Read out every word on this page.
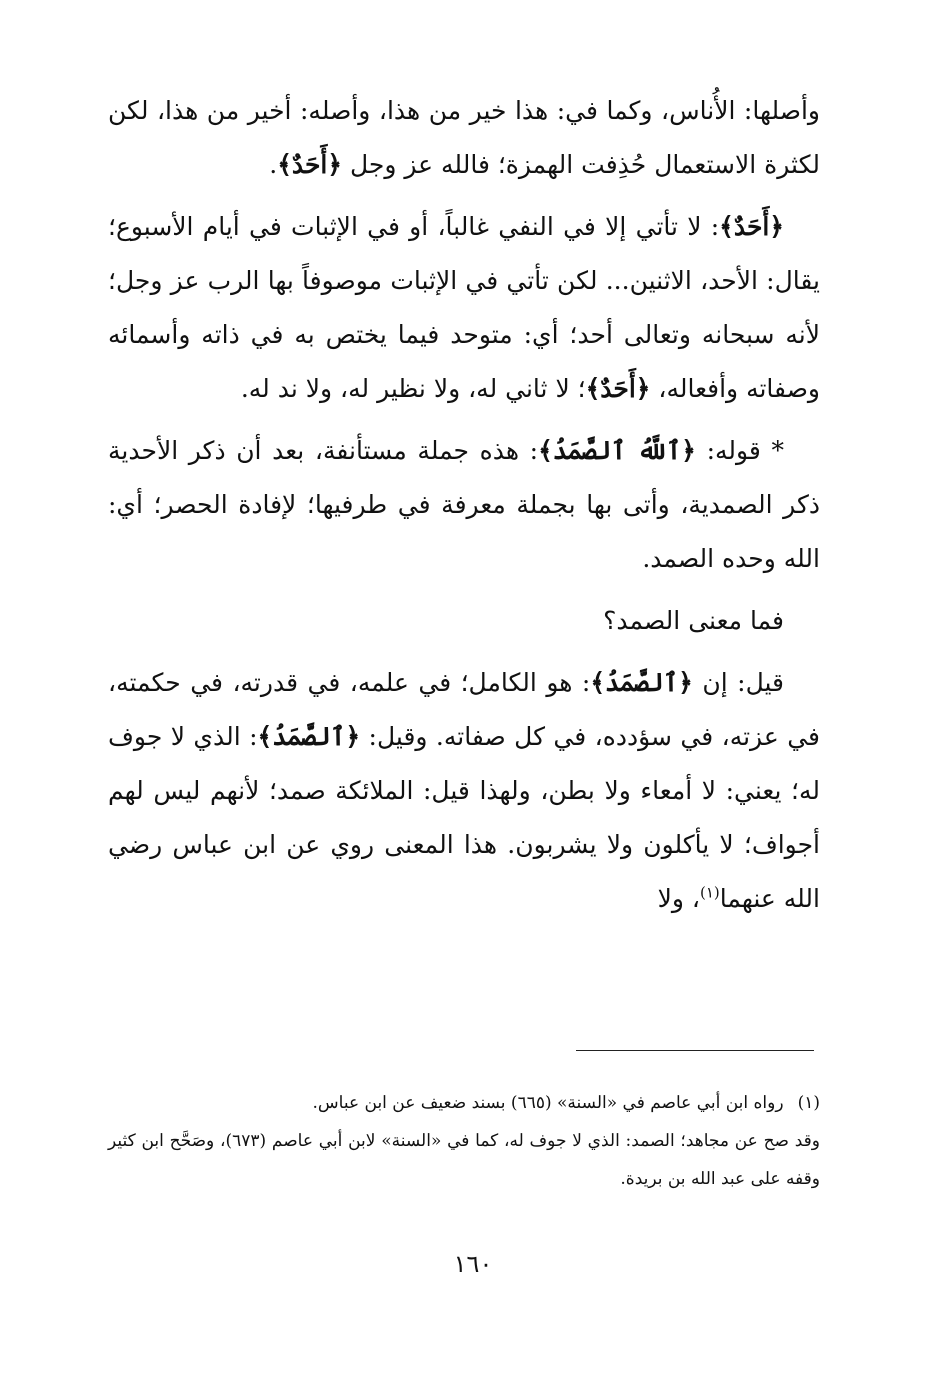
وأصلها: الأُناس، وكما في: هذا خير من هذا، وأصله: أخير من هذا، لكن لكثرة الاستعمال حُذِفت الهمزة؛ فالله عز وجل ﴿أَحَدٌ﴾.

﴿أَحَدٌ﴾: لا تأتي إلا في النفي غالباً، أو في الإثبات في أيام الأسبوع؛ يقال: الأحد، الاثنين... لكن تأتي في الإثبات موصوفاً بها الرب عز وجل؛ لأنه سبحانه وتعالى أحد؛ أي: متوحد فيما يختص به في ذاته وأسمائه وصفاته وأفعاله، ﴿أَحَدٌ﴾؛ لا ثاني له، ولا نظير له، ولا ند له.

* قوله: ﴿ٱللَّهُ ٱلصَّمَدُ﴾: هذه جملة مستأنفة، بعد أن ذكر الأحدية ذكر الصمدية، وأتى بها بجملة معرفة في طرفيها؛ لإفادة الحصر؛ أي: الله وحده الصمد.

فما معنى الصمد؟

قيل: إن ﴿ٱلصَّمَدُ﴾: هو الكامل؛ في علمه، في قدرته، في حكمته، في عزته، في سؤدده، في كل صفاته. وقيل: ﴿ٱلصَّمَدُ﴾: الذي لا جوف له؛ يعني: لا أمعاء ولا بطن، ولهذا قيل: الملائكة صمد؛ لأنهم ليس لهم أجواف؛ لا يأكلون ولا يشربون. هذا المعنى روي عن ابن عباس رضي الله عنهما$^{(١)}$، ولا

(١)رواه ابن أبي عاصم في «السنة» (٦٦٥) بسند ضعيف عن ابن عباس.

وقد صح عن مجاهد؛ الصمد: الذي لا جوف له، كما في «السنة» لابن أبي عاصم (٦٧٣)، وصَحَّح ابن كثير وقفه على عبد الله بن بريدة.

١٦٠
